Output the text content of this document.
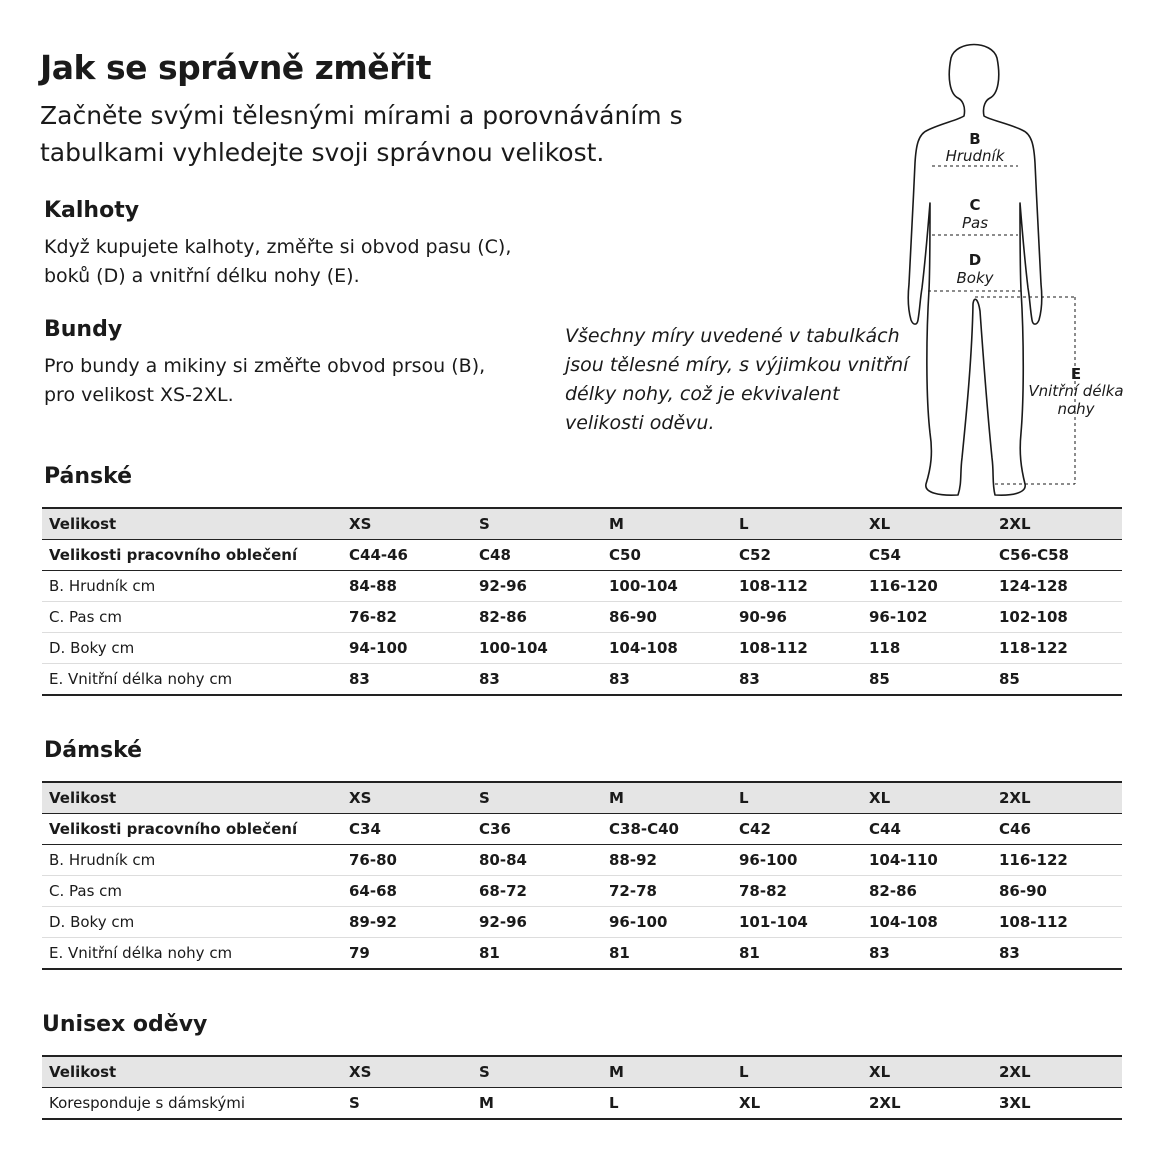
Jak se správně změřit
Začněte svými tělesnými mírami a porovnáváním s tabulkami vyhledejte svoji správnou velikost.
Kalhoty
Když kupujete kalhoty, změřte si obvod pasu (C), boků (D) a vnitřní délku nohy (E).
Bundy
Pro bundy a mikiny si změřte obvod prsou (B), pro velikost XS-2XL.
Všechny míry uvedené v tabulkách jsou tělesné míry, s výjimkou vnitřní délky nohy, což je ekvivalent velikosti oděvu.
B
Hrudník
C
Pas
D
Boky
E
Vnitřní délka
nohy
Pánské
Velikost	XS	S	M	L	XL	2XL
Velikosti pracovního oblečení	C44-46	C48	C50	C52	C54	C56-C58
B. Hrudník cm	84-88	92-96	100-104	108-112	116-120	124-128
C. Pas cm	76-82	82-86	86-90	90-96	96-102	102-108
D. Boky cm	94-100	100-104	104-108	108-112	118	118-122
E. Vnitřní délka nohy cm	83	83	83	83	85	85
Dámské
Velikost	XS	S	M	L	XL	2XL
Velikosti pracovního oblečení	C34	C36	C38-C40	C42	C44	C46
B. Hrudník cm	76-80	80-84	88-92	96-100	104-110	116-122
C. Pas cm	64-68	68-72	72-78	78-82	82-86	86-90
D. Boky cm	89-92	92-96	96-100	101-104	104-108	108-112
E. Vnitřní délka nohy cm	79	81	81	81	83	83
Unisex oděvy
Velikost	XS	S	M	L	XL	2XL
Koresponduje s dámskými	S	M	L	XL	2XL	3XL
